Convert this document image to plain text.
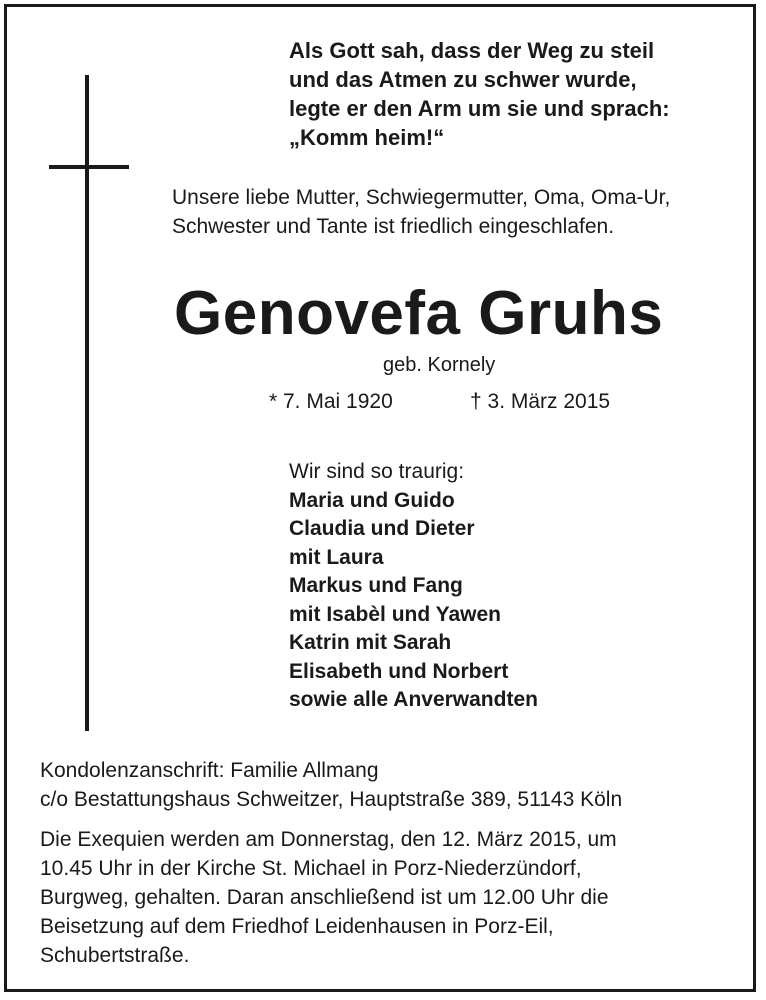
Als Gott sah, dass der Weg zu steil
und das Atmen zu schwer wurde,
legte er den Arm um sie und sprach:
„Komm heim!“
Unsere liebe Mutter, Schwiegermutter, Oma, Oma-Ur,
Schwester und Tante ist friedlich eingeschlafen.
Genovefa Gruhs
geb. Kornely
* 7. Mai 1920	† 3. März 2015
Wir sind so traurig:
Maria und Guido
Claudia und Dieter
mit Laura
Markus und Fang
mit Isabèl und Yawen
Katrin mit Sarah
Elisabeth und Norbert
sowie alle Anverwandten
Kondolenzanschrift: Familie Allmang
c/o Bestattungshaus Schweitzer, Hauptstraße 389, 51143 Köln
Die Exequien werden am Donnerstag, den 12. März 2015, um
10.45 Uhr in der Kirche St. Michael in Porz-Niederzündorf,
Burgweg, gehalten. Daran anschließend ist um 12.00 Uhr die
Beisetzung auf dem Friedhof Leidenhausen in Porz-Eil,
Schubertstraße.
